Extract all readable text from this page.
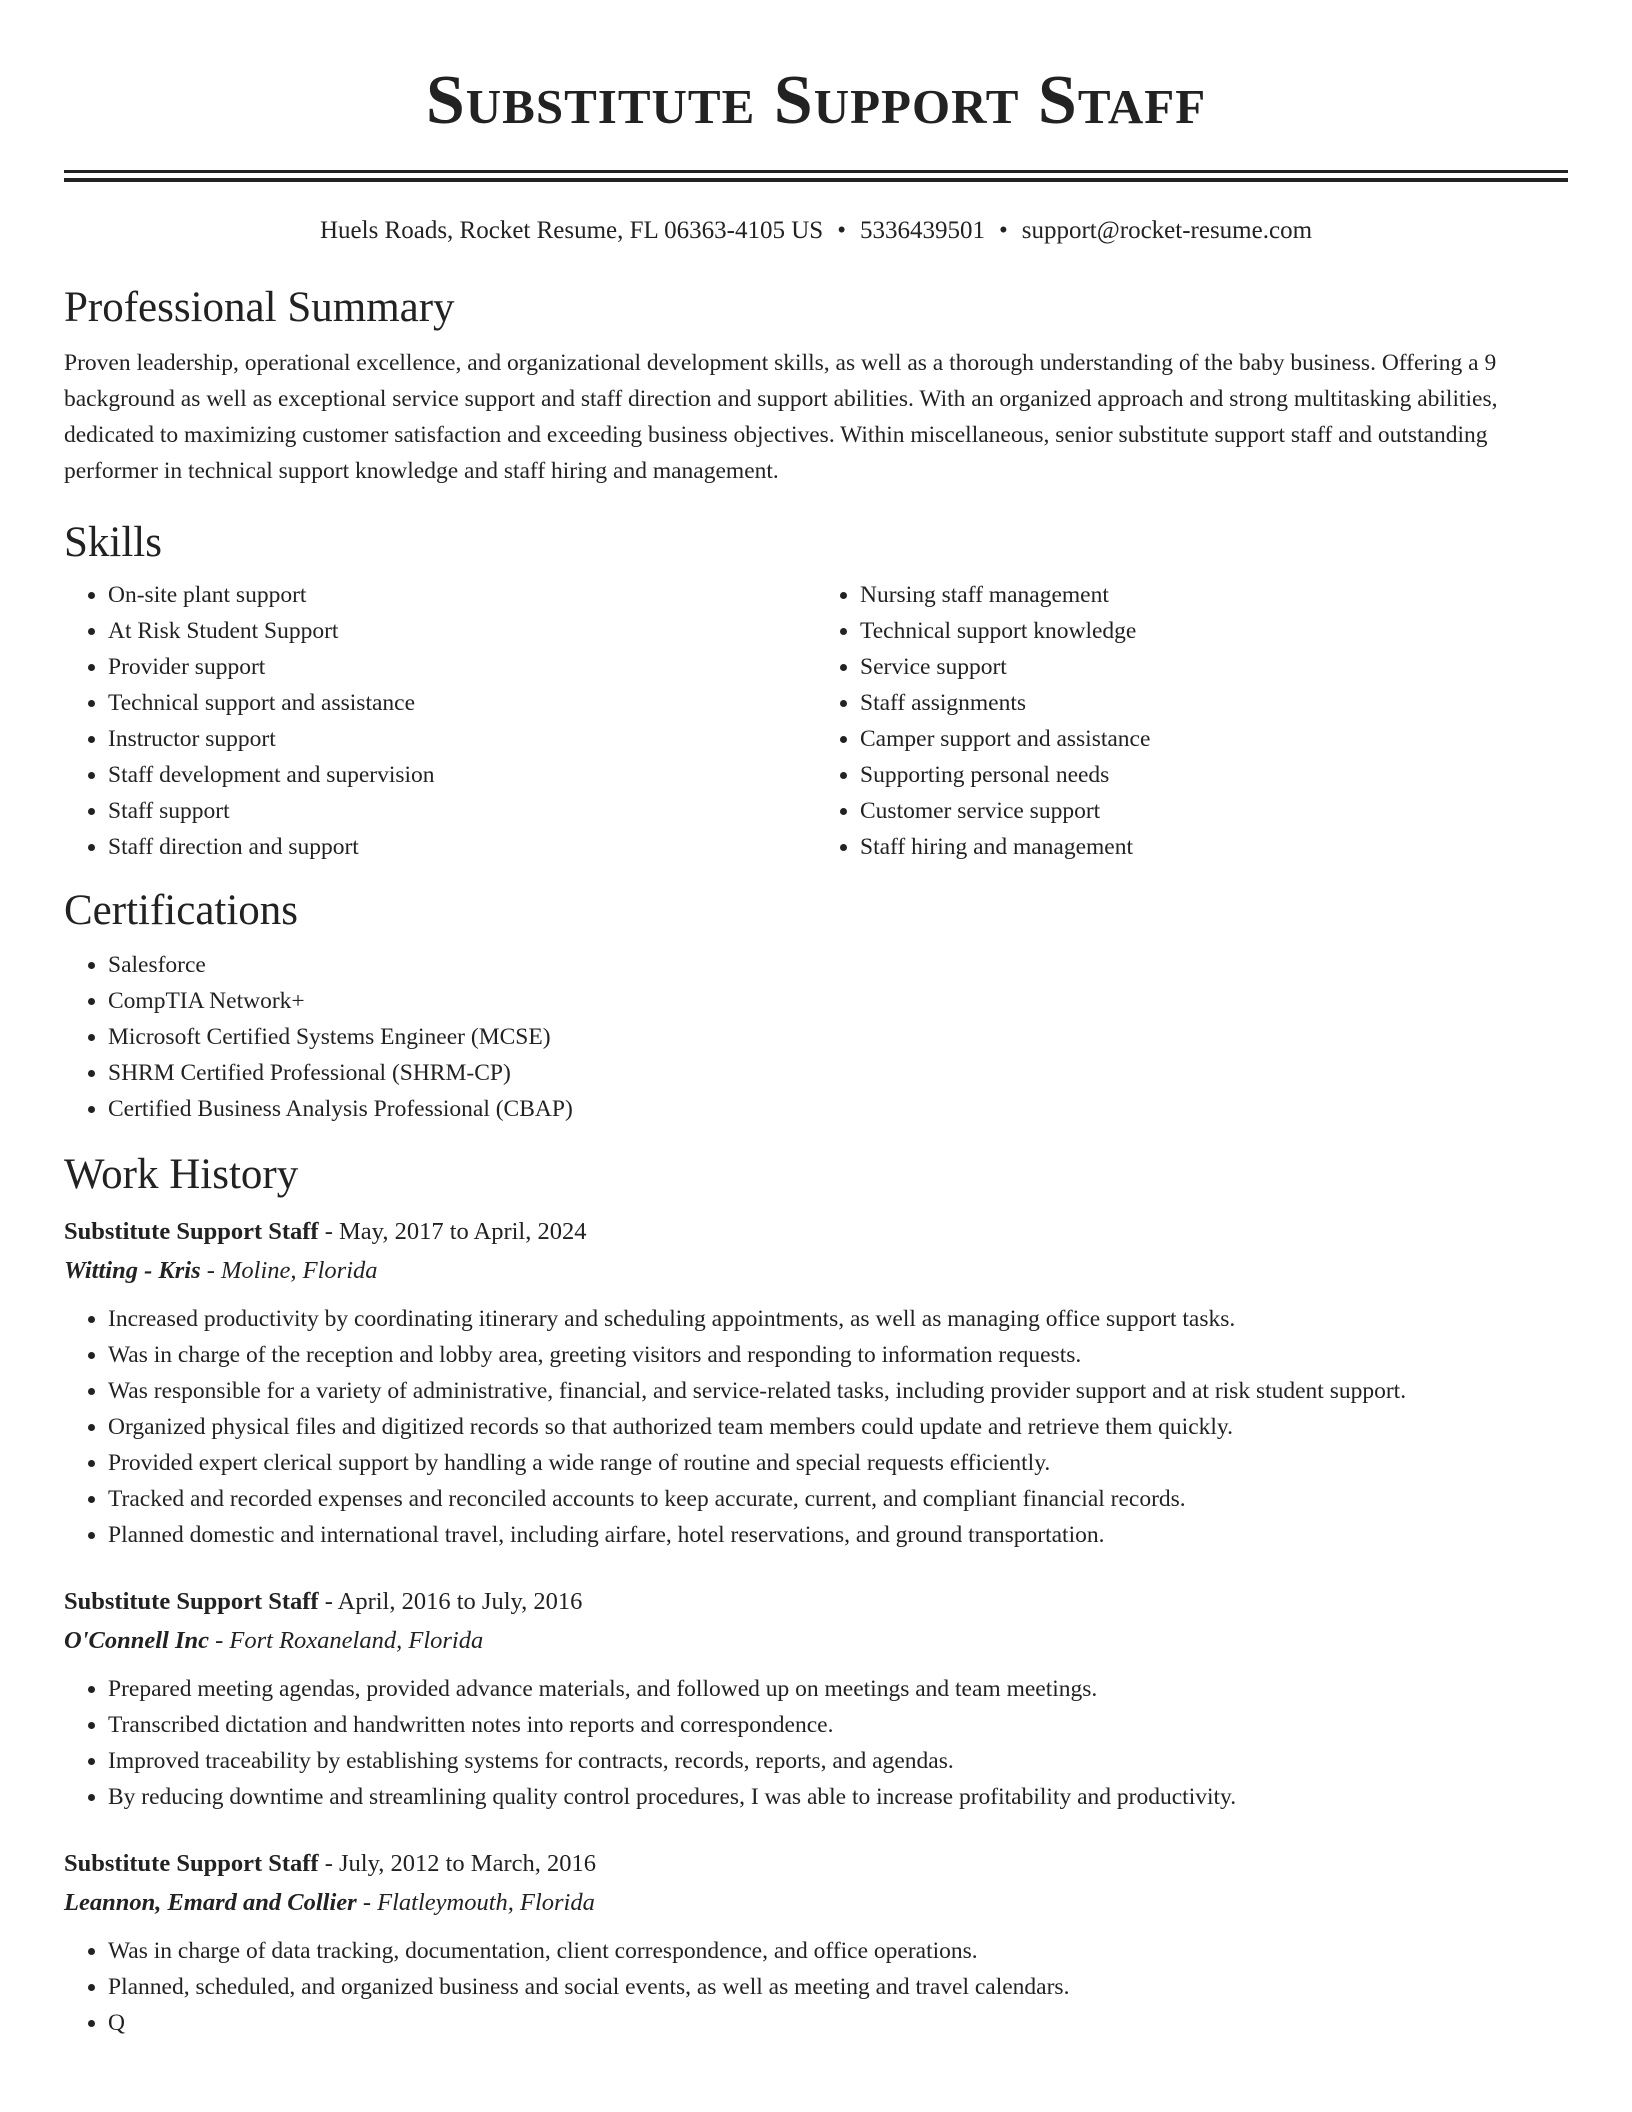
Substitute Support Staff
Huels Roads, Rocket Resume, FL 06363-4105 US • 5336439501 • support@rocket-resume.com
Professional Summary

Proven leadership, operational excellence, and organizational development skills, as well as a thorough understanding of the baby business. Offering a 9 background as well as exceptional service support and staff direction and support abilities. With an organized approach and strong multitasking abilities, dedicated to maximizing customer satisfaction and exceeding business objectives. Within miscellaneous, senior substitute support staff and outstanding performer in technical support knowledge and staff hiring and management.

Skills
• On-site plant support
• At Risk Student Support
• Provider support
• Technical support and assistance
• Instructor support
• Staff development and supervision
• Staff support
• Staff direction and support
• Nursing staff management
• Technical support knowledge
• Service support
• Staff assignments
• Camper support and assistance
• Supporting personal needs
• Customer service support
• Staff hiring and management
Certifications
• Salesforce
• CompTIA Network+
• Microsoft Certified Systems Engineer (MCSE)
• SHRM Certified Professional (SHRM-CP)
• Certified Business Analysis Professional (CBAP)
Work History
Substitute Support Staff - May, 2017 to April, 2024
Witting - Kris - Moline, Florida
• Increased productivity by coordinating itinerary and scheduling appointments, as well as managing office support tasks.
• Was in charge of the reception and lobby area, greeting visitors and responding to information requests.
• Was responsible for a variety of administrative, financial, and service-related tasks, including provider support and at risk student support.
• Organized physical files and digitized records so that authorized team members could update and retrieve them quickly.
• Provided expert clerical support by handling a wide range of routine and special requests efficiently.
• Tracked and recorded expenses and reconciled accounts to keep accurate, current, and compliant financial records.
• Planned domestic and international travel, including airfare, hotel reservations, and ground transportation.
Substitute Support Staff - April, 2016 to July, 2016
O'Connell Inc - Fort Roxaneland, Florida
• Prepared meeting agendas, provided advance materials, and followed up on meetings and team meetings.
• Transcribed dictation and handwritten notes into reports and correspondence.
• Improved traceability by establishing systems for contracts, records, reports, and agendas.
• By reducing downtime and streamlining quality control procedures, I was able to increase profitability and productivity.
Substitute Support Staff - July, 2012 to March, 2016
Leannon, Emard and Collier - Flatleymouth, Florida
• Was in charge of data tracking, documentation, client correspondence, and office operations.
• Planned, scheduled, and organized business and social events, as well as meeting and travel calendars.
• Q
